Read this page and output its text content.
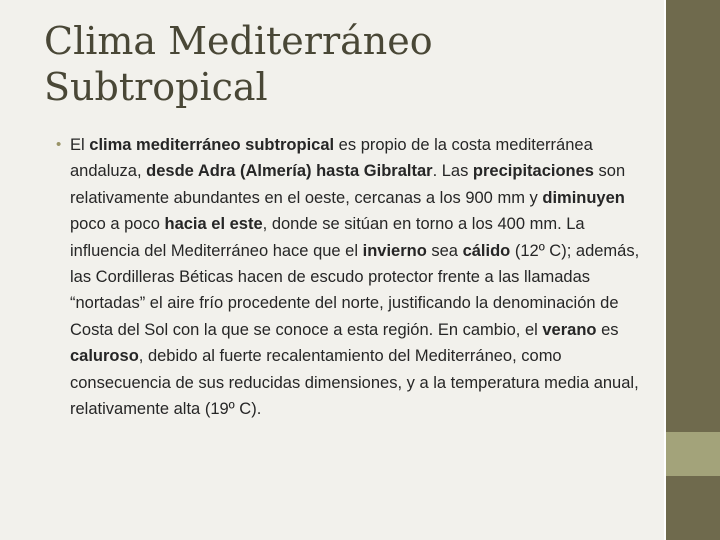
Clima Mediterráneo
Subtropical
• El clima mediterráneo subtropical es propio de la costa mediterránea andaluza, desde Adra (Almería) hasta Gibraltar. Las precipitaciones son relativamente abundantes en el oeste, cercanas a los 900 mm y diminuyen poco a poco hacia el este, donde se sitúan en torno a los 400 mm. La influencia del Mediterráneo hace que el invierno sea cálido (12º C); además, las Cordilleras Béticas hacen de escudo protector frente a las llamadas “nortadas” el aire frío procedente del norte, justificando la denominación de Costa del Sol con la que se conoce a esta región. En cambio, el verano es caluroso, debido al fuerte recalentamiento del Mediterráneo, como consecuencia de sus reducidas dimensiones, y a la temperatura media anual, relativamente alta (19º C).
